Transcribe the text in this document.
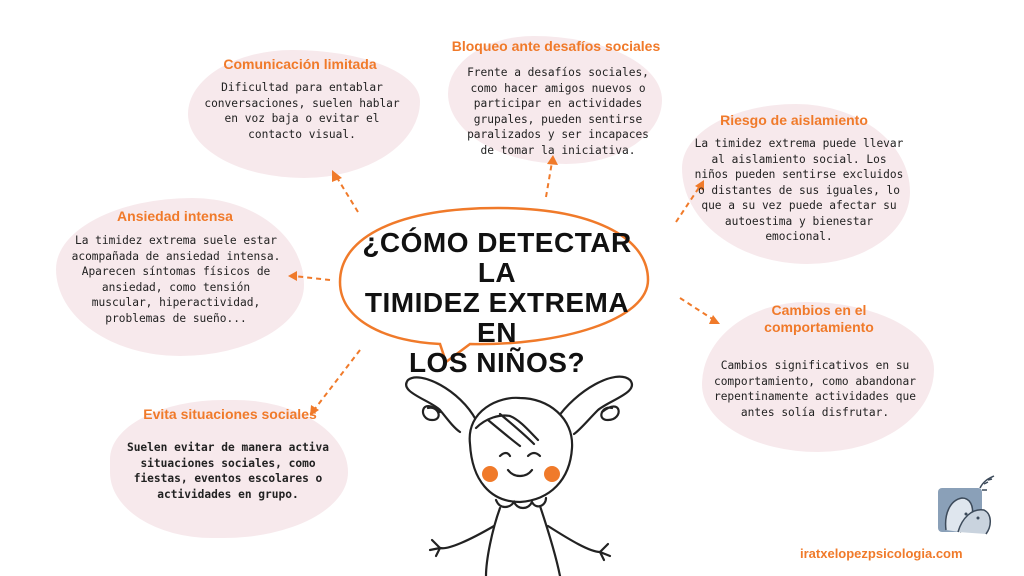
¿CÓMO DETECTAR LA
TIMIDEZ EXTREMA EN
LOS NIÑOS?
Comunicación limitada
Dificultad para entablar conversaciones, suelen hablar en voz baja o evitar el contacto visual.
Bloqueo ante desafíos sociales
Frente a desafíos sociales, como hacer amigos nuevos o participar en actividades grupales, pueden sentirse paralizados y ser incapaces de tomar la iniciativa.
Riesgo de aislamiento
La timidez extrema puede llevar al aislamiento social. Los niños pueden sentirse excluidos o distantes de sus iguales, lo que a su vez puede afectar su autoestima y bienestar emocional.
Ansiedad intensa
La timidez extrema suele estar acompañada de ansiedad intensa. Aparecen síntomas físicos de ansiedad, como tensión muscular, hiperactividad, problemas de sueño...	Cambios en el comportamiento
Cambios significativos en su comportamiento, como abandonar repentinamente actividades que antes solía disfrutar.
Evita situaciones sociales
Suelen evitar de manera activa situaciones sociales, como fiestas, eventos escolares o actividades en grupo.
iratxelopezpsicologia.com
